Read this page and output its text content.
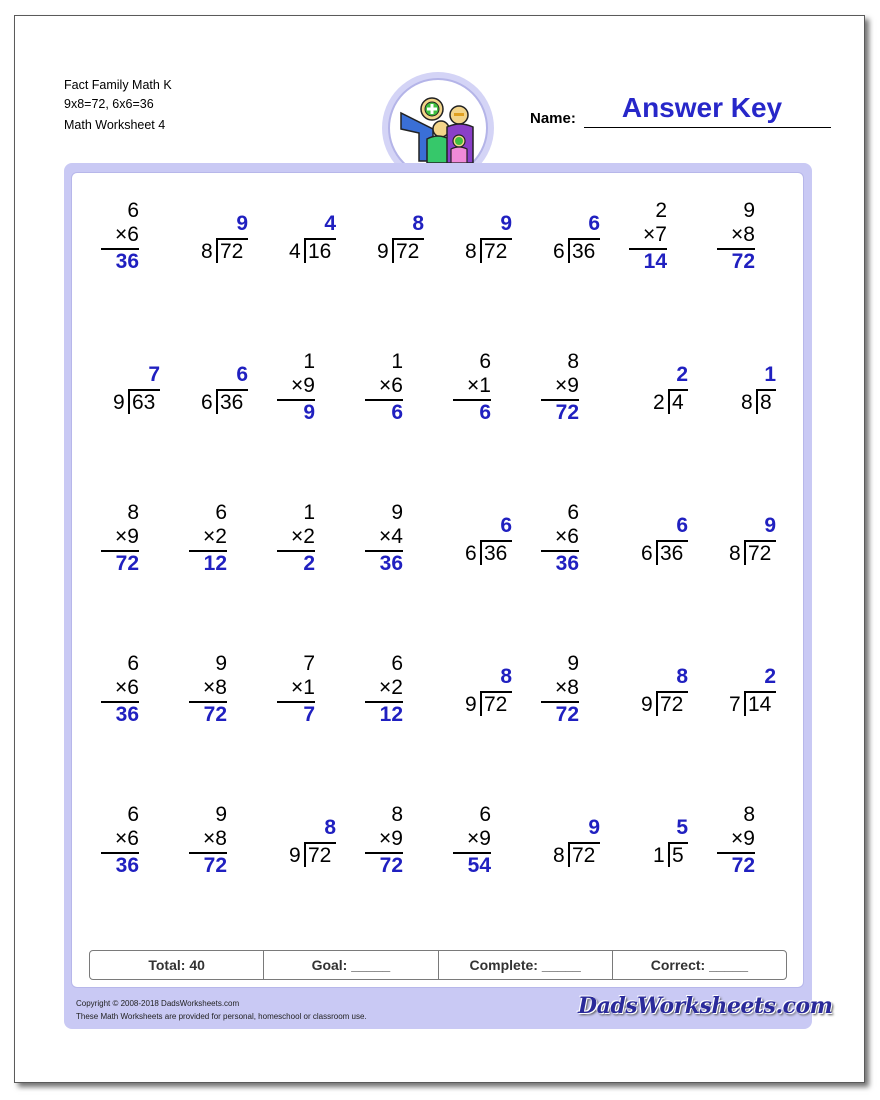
Fact Family Math K
9x8=72, 6x6=36
Math Worksheet 4	Name:	Answer Key
6
×6
36
9
8 72
4
4 16
8
9 72
9
8 72
6
6 36
2
×7
14
9
×8
72
7
9 63
6
6 36
1
×9
9
1
×6
6
6
×1
6
8
×9
72
2
2 4
1
8 8
8
×9
72
6
×2
12
1
×2
2
9
×4
36
6
6 36
6
×6
36
6
6 36
9
8 72
6
×6
36
9
×8
72
7
×1
7
6
×2
12
8
9 72
9
×8
72
8
9 72
2
7 14
6
×6
36
9
×8
72
8
9 72
8
×9
72
6
×9
54
9
8 72
5
1 5
8
×9
72
Total: 40	Goal: _____	Complete: _____	Correct: _____
Copyright © 2008-2018 DadsWorksheets.com
These Math Worksheets are provided for personal, homeschool or classroom use.	DadsWorksheets.com
